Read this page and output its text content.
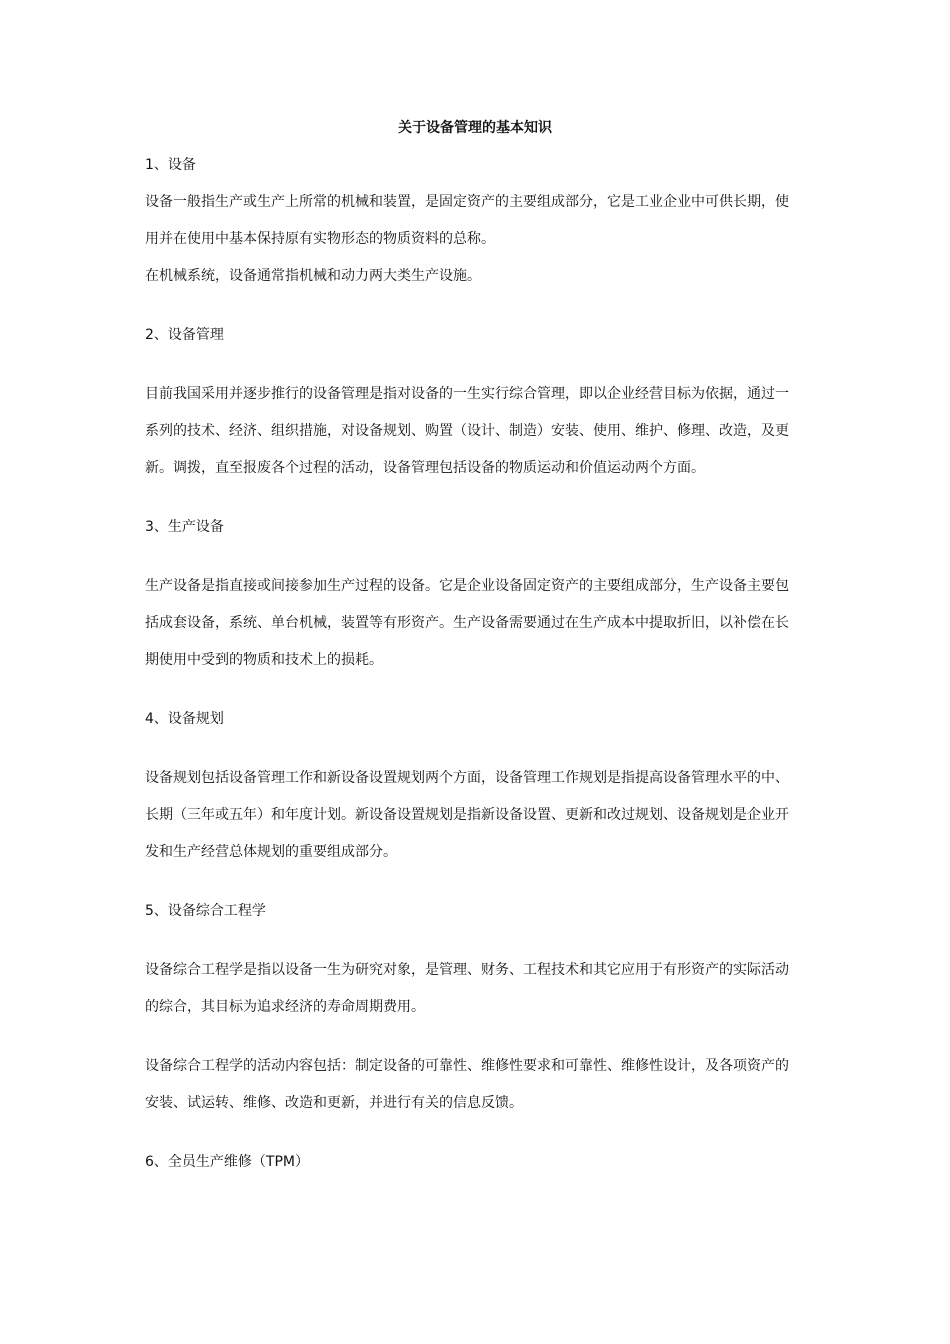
关于设备管理的基本知识

1、设备

设备一般指生产或生产上所常的机械和装置，是固定资产的主要组成部分，它是工业企业中可供长期，使

用并在使用中基本保持原有实物形态的物质资料的总称。

在机械系统，设备通常指机械和动力两大类生产设施。

2、设备管理

目前我国采用并逐步推行的设备管理是指对设备的一生实行综合管理，即以企业经营目标为依据，通过一

系列的技术、经济、组织措施，对设备规划、购置（设计、制造）安装、使用、维护、修理、改造，及更

新。调拨，直至报废各个过程的活动，设备管理包括设备的物质运动和价值运动两个方面。

3、生产设备

生产设备是指直接或间接参加生产过程的设备。它是企业设备固定资产的主要组成部分，生产设备主要包

括成套设备，系统、单台机械，装置等有形资产。生产设备需要通过在生产成本中提取折旧，以补偿在长

期使用中受到的物质和技术上的损耗。

4、设备规划

设备规划包括设备管理工作和新设备设置规划两个方面，设备管理工作规划是指提高设备管理水平的中、

长期（三年或五年）和年度计划。新设备设置规划是指新设备设置、更新和改过规划、设备规划是企业开

发和生产经营总体规划的重要组成部分。

5、设备综合工程学

设备综合工程学是指以设备一生为研究对象，是管理、财务、工程技术和其它应用于有形资产的实际活动

的综合，其目标为追求经济的寿命周期费用。

设备综合工程学的活动内容包括：制定设备的可靠性、维修性要求和可靠性、维修性设计，及各项资产的

安装、试运转、维修、改造和更新，并进行有关的信息反馈。

6、全员生产维修（TPM）
